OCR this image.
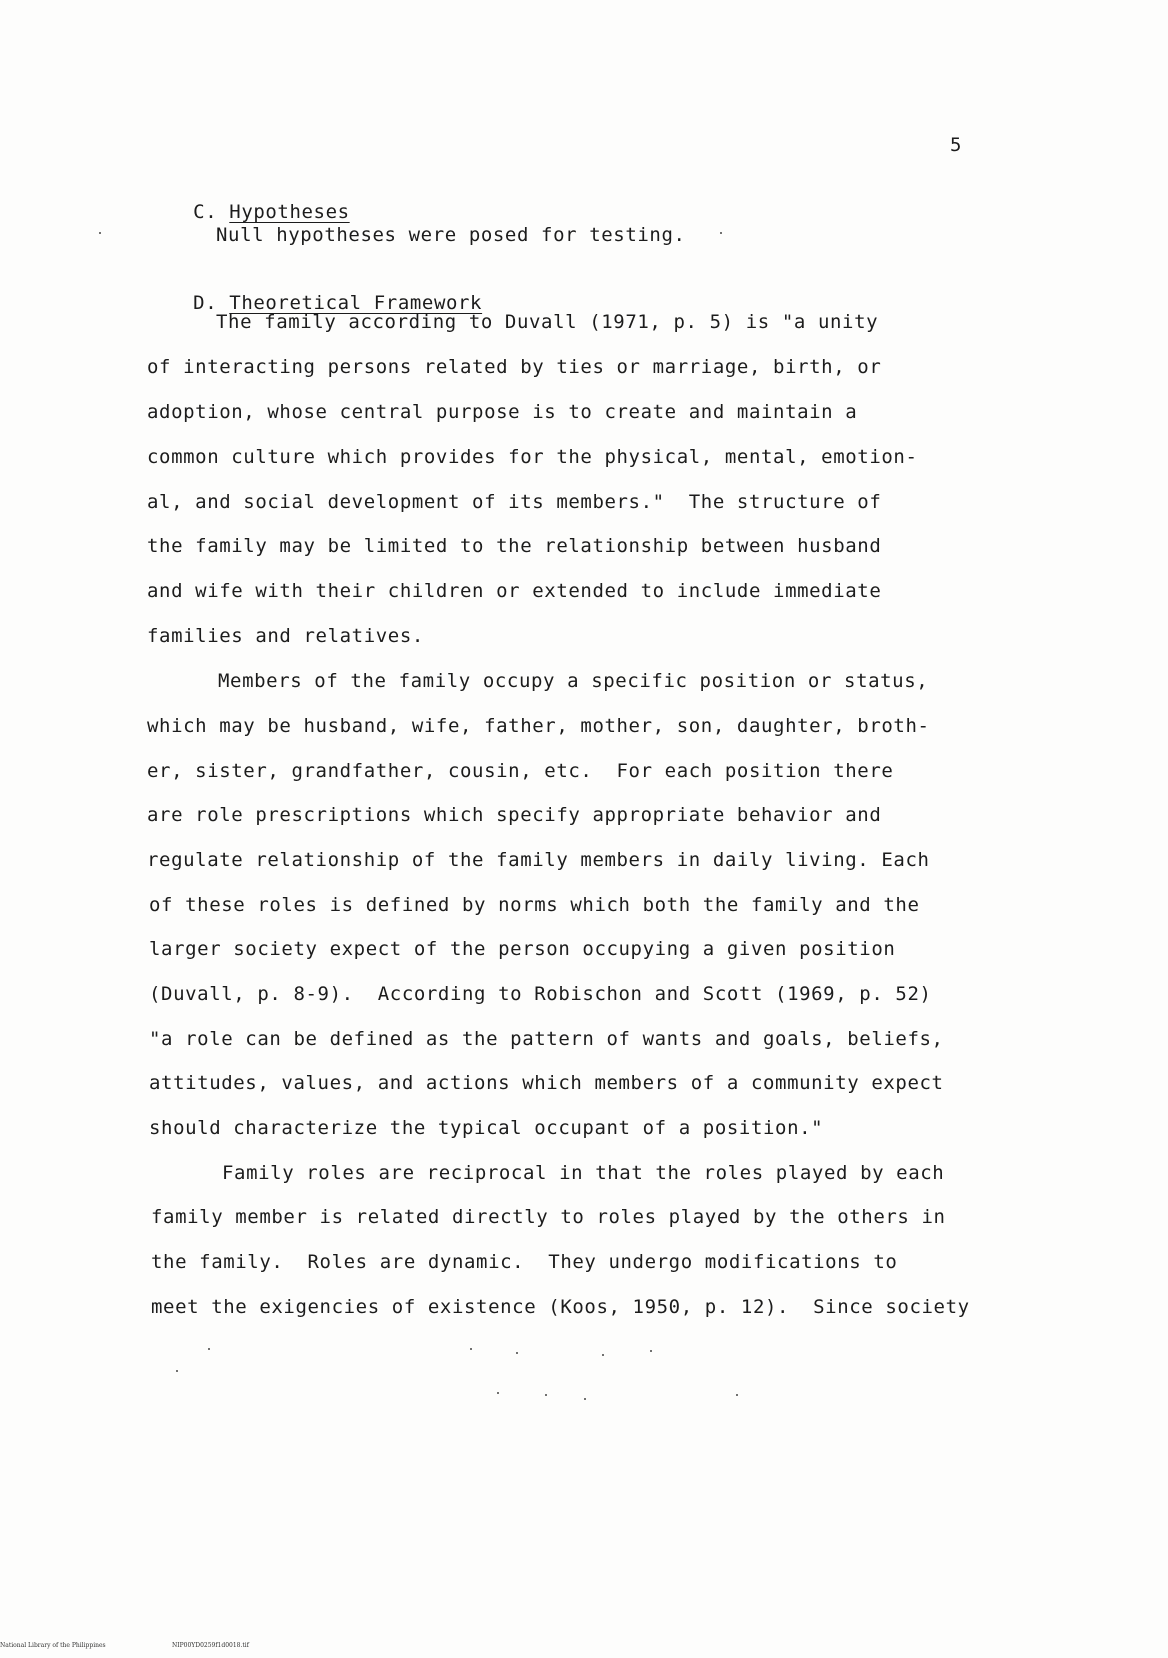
5

C. Hypotheses

Null hypotheses were posed for testing.

D. Theoretical Framework

The family according to Duvall (1971, p. 5) is "a unity
of interacting persons related by ties or marriage, birth, or
adoption, whose central purpose is to create and maintain a
common culture which provides for the physical, mental, emotion-
al, and social development of its members."  The structure of
the family may be limited to the relationship between husband
and wife with their children or extended to include immediate
families and relatives.
Members of the family occupy a specific position or status,
which may be husband, wife, father, mother, son, daughter, broth-
er, sister, grandfather, cousin, etc.  For each position there
are role prescriptions which specify appropriate behavior and
regulate relationship of the family members in daily living. Each
of these roles is defined by norms which both the family and the
larger society expect of the person occupying a given position
(Duvall, p. 8-9).  According to Robischon and Scott (1969, p. 52)
"a role can be defined as the pattern of wants and goals, beliefs,
attitudes, values, and actions which members of a community expect
should characterize the typical occupant of a position."
Family roles are reciprocal in that the roles played by each
family member is related directly to roles played by the others in
the family.  Roles are dynamic.  They undergo modifications to
meet the exigencies of existence (Koos, 1950, p. 12).  Since society
National Library of the Philippines	NIP00YD0259f1d0018.tif
